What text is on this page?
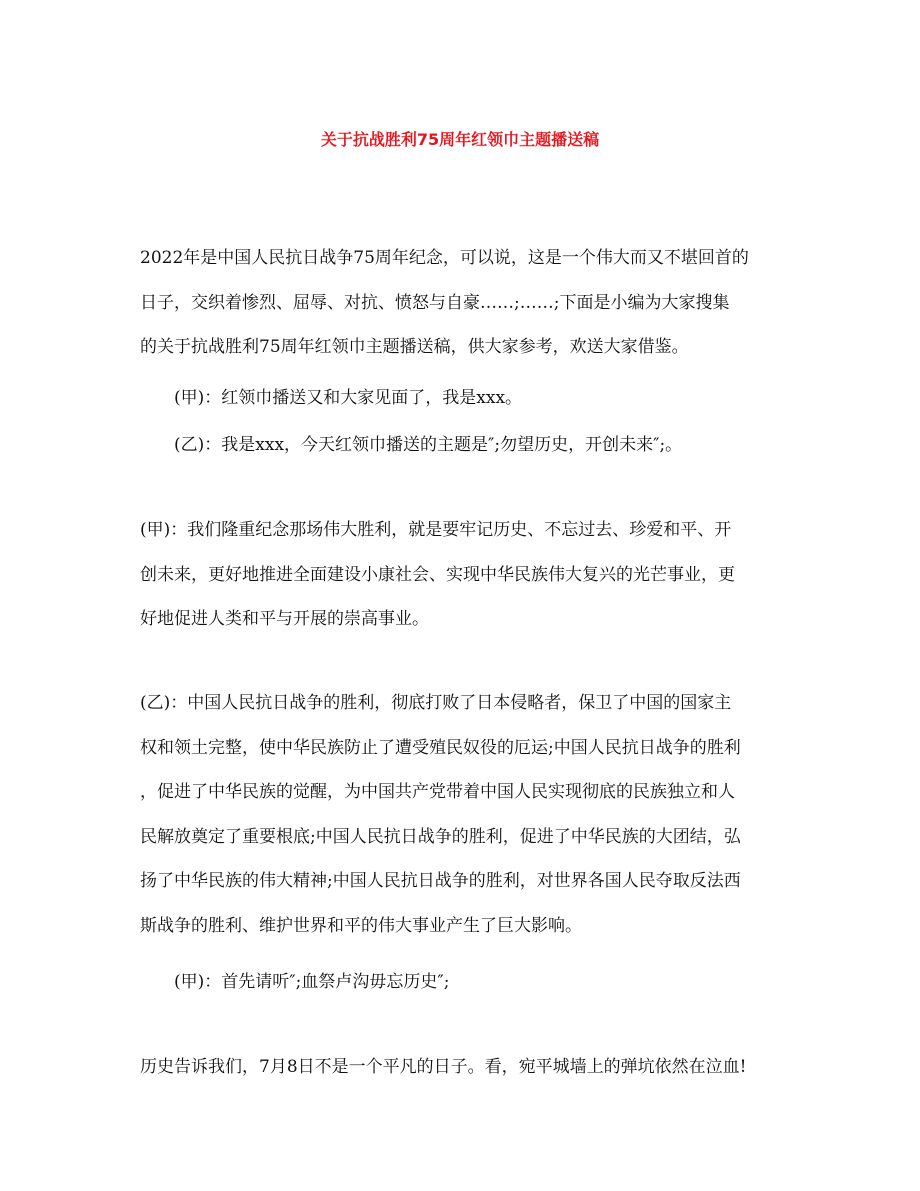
关于抗战胜利75周年红领巾主题播送稿
2022年是中国人民抗日战争75周年纪念，可以说，这是一个伟大而又不堪回首的
日子，交织着惨烈、屈辱、对抗、愤怒与自豪……;……;下面是小编为大家搜集
的关于抗战胜利75周年红领巾主题播送稿，供大家参考，欢送大家借鉴。
(甲)：红领巾播送又和大家见面了，我是xxx。
(乙)：我是xxx，今天红领巾播送的主题是″;勿望历史，开创未来″;。
(甲)：我们隆重纪念那场伟大胜利，就是要牢记历史、不忘过去、珍爱和平、开
创未来，更好地推进全面建设小康社会、实现中华民族伟大复兴的光芒事业，更
好地促进人类和平与开展的崇高事业。
(乙)：中国人民抗日战争的胜利，彻底打败了日本侵略者，保卫了中国的国家主
权和领土完整，使中华民族防止了遭受殖民奴役的厄运;中国人民抗日战争的胜利
，促进了中华民族的觉醒，为中国共产党带着中国人民实现彻底的民族独立和人
民解放奠定了重要根底;中国人民抗日战争的胜利，促进了中华民族的大团结，弘
扬了中华民族的伟大精神;中国人民抗日战争的胜利，对世界各国人民夺取反法西
斯战争的胜利、维护世界和平的伟大事业产生了巨大影响。
(甲)：首先请听″;血祭卢沟毋忘历史″;
历史告诉我们，7月8日不是一个平凡的日子。看，宛平城墙上的弹坑依然在泣血!
